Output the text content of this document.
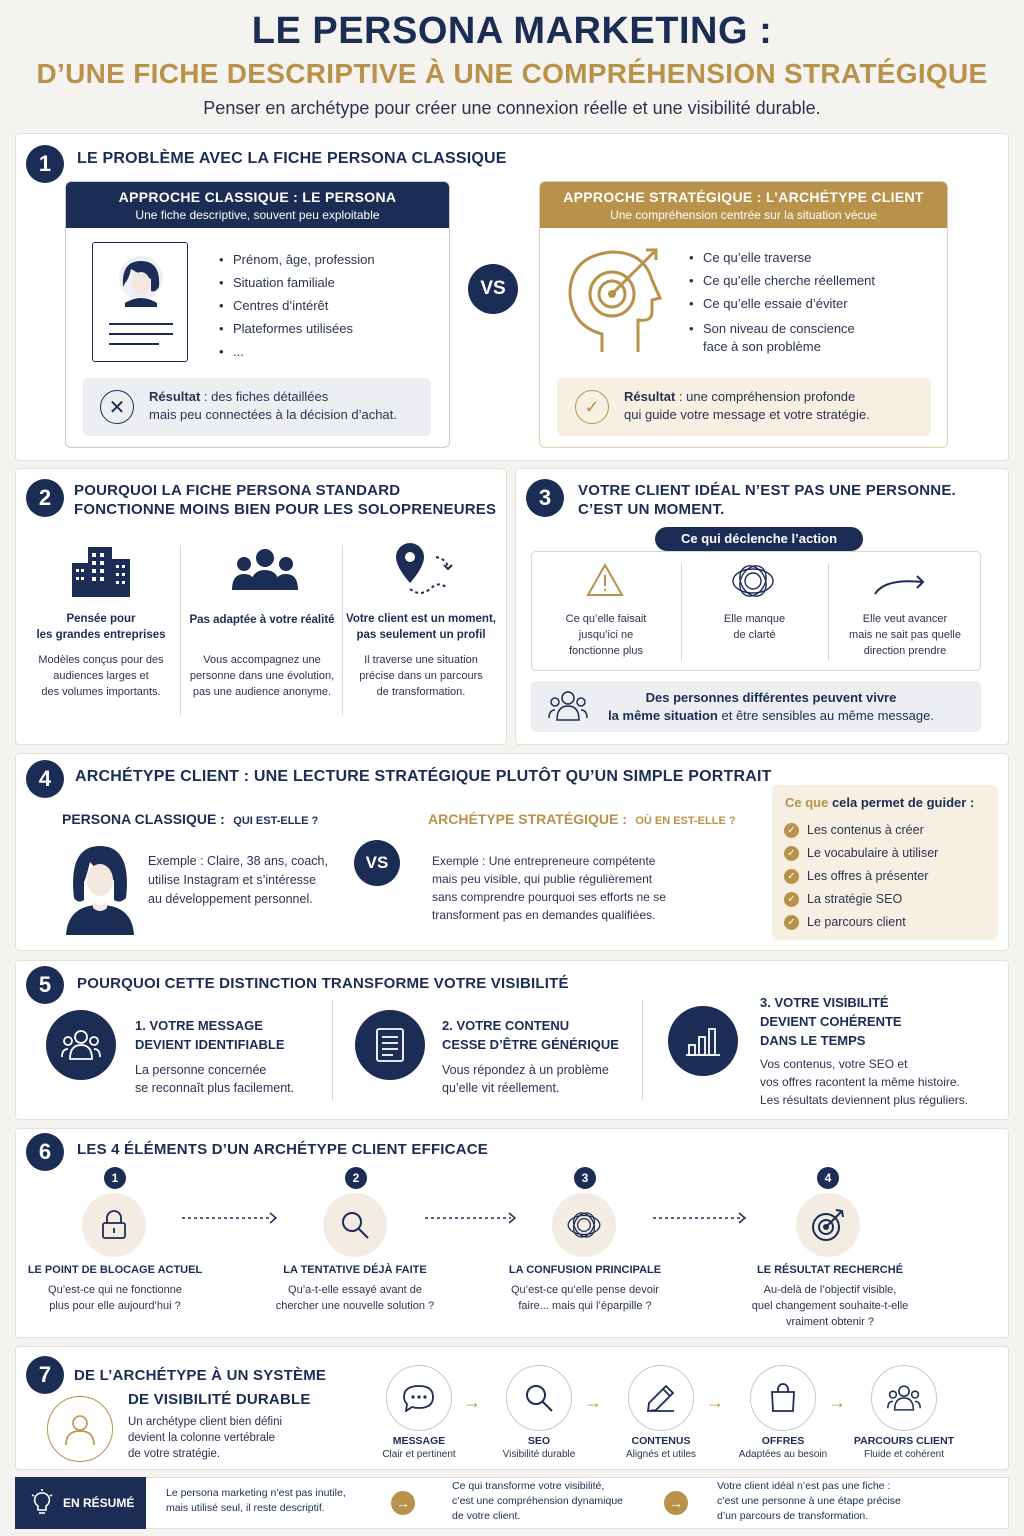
LE PERSONA MARKETING :
D’UNE FICHE DESCRIPTIVE À UNE COMPRÉHENSION STRATÉGIQUE
Penser en archétype pour créer une connexion réelle et une visibilité durable.
1	LE PROBLÈME AVEC LA FICHE PERSONA CLASSIQUE
APPROCHE CLASSIQUE : LE PERSONA
Une fiche descriptive, souvent peu exploitable
• Prénom, âge, profession
• Situation familiale
• Centres d’intérêt
• Plateformes utilisées
• ...
✕	Résultat : des fiches détaillées
mais peu connectées à la décision d’achat.
VS
APPROCHE STRATÉGIQUE : L’ARCHÉTYPE CLIENT
Une compréhension centrée sur la situation vécue
• Ce qu’elle traverse
• Ce qu’elle cherche réellement
• Ce qu’elle essaie d’éviter
• Son niveau de conscience
face à son problème
✓	Résultat : une compréhension profonde
qui guide votre message et votre stratégie.
2	POURQUOI LA FICHE PERSONA STANDARD
FONCTIONNE MOINS BIEN POUR LES SOLOPRENEURES
Pensée pour
les grandes entreprises
Modèles conçus pour des
audiences larges et
des volumes importants.
Pas adaptée à votre réalité
Vous accompagnez une
personne dans une évolution,
pas une audience anonyme.
Votre client est un moment,
pas seulement un profil
Il traverse une situation
précise dans un parcours
de transformation.
3	VOTRE CLIENT IDÉAL N’EST PAS UNE PERSONNE.
C’EST UN MOMENT.
Ce qui déclenche l’action
Ce qu’elle faisait
jusqu’ici ne
fonctionne plus
Elle manque
de clarté
Elle veut avancer
mais ne sait pas quelle
direction prendre
Des personnes différentes peuvent vivre
la même situation et être sensibles au même message.
4	ARCHÉTYPE CLIENT : UNE LECTURE STRATÉGIQUE PLUTÔT QU’UN SIMPLE PORTRAIT
PERSONA CLASSIQUE : QUI EST-ELLE ?
Exemple : Claire, 38 ans, coach,
utilise Instagram et s’intéresse
au développement personnel.
VS
ARCHÉTYPE STRATÉGIQUE : OÙ EN EST-ELLE ?
Exemple : Une entrepreneure compétente
mais peu visible, qui publie régulièrement
sans comprendre pourquoi ses efforts ne se
transforment pas en demandes qualifiées.
Ce que cela permet de guider :
✓ Les contenus à créer
✓ Le vocabulaire à utiliser
✓ Les offres à présenter
✓ La stratégie SEO
✓ Le parcours client
5	POURQUOI CETTE DISTINCTION TRANSFORME VOTRE VISIBILITÉ
1. VOTRE MESSAGE
DEVIENT IDENTIFIABLE
La personne concernée
se reconnaît plus facilement.
2. VOTRE CONTENU
CESSE D’ÊTRE GÉNÉRIQUE
Vous répondez à un problème
qu’elle vit réellement.
3. VOTRE VISIBILITÉ
DEVIENT COHÉRENTE
DANS LE TEMPS
Vos contenus, votre SEO et
vos offres racontent la même histoire.
Les résultats deviennent plus réguliers.
6	LES 4 ÉLÉMENTS D’UN ARCHÉTYPE CLIENT EFFICACE
1	2	3	4
LE POINT DE BLOCAGE ACTUEL
Qu’est-ce qui ne fonctionne
plus pour elle aujourd’hui ?
LA TENTATIVE DÉJÀ FAITE
Qu’a-t-elle essayé avant de
chercher une nouvelle solution ?
LA CONFUSION PRINCIPALE
Qu’est-ce qu’elle pense devoir
faire... mais qui l’éparpille ?
LE RÉSULTAT RECHERCHÉ
Au-delà de l’objectif visible,
quel changement souhaite-t-elle
vraiment obtenir ?
7	DE L’ARCHÉTYPE À UN SYSTÈME
DE VISIBILITÉ DURABLE
Un archétype client bien défini
devient la colonne vertébrale
de votre stratégie.
→	→	→	→
MESSAGE
Clair et pertinent
SEO
Visibilité durable
CONTENUS
Alignés et utiles
OFFRES
Adaptées au besoin
PARCOURS CLIENT
Fluide et cohérent
EN RÉSUMÉ
Le persona marketing n’est pas inutile,
mais utilisé seul, il reste descriptif.	→
Ce qui transforme votre visibilité,
c’est une compréhension dynamique
de votre client.
→
Votre client idéal n’est pas une fiche :
c’est une personne à une étape précise
d’un parcours de transformation.
